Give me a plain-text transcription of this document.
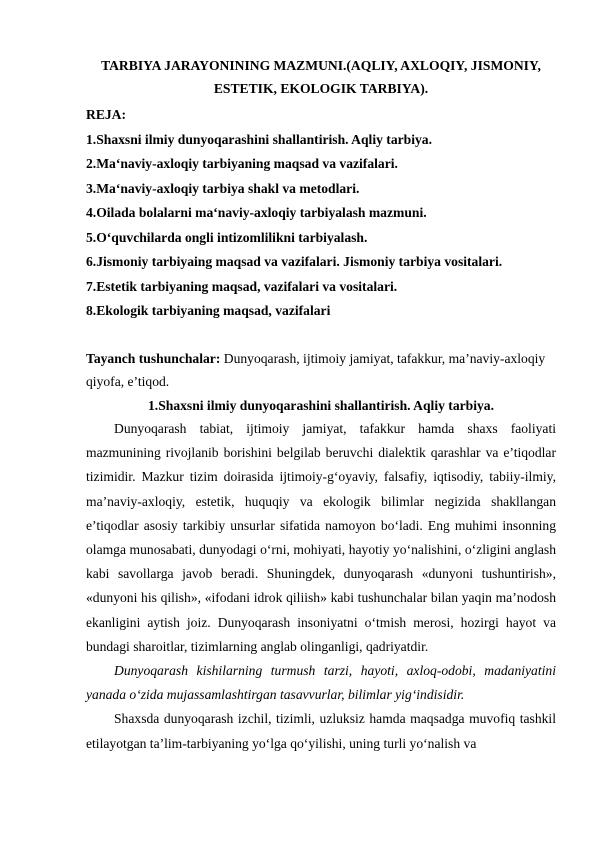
TARBIYA JARAYONINING MAZMUNI.(AQLIY, AXLOQIY, JISMONIY, ESTETIK, EKOLOGIK TARBIYA).
REJA:
1.Shaxsni ilmiy dunyoqarashini shallantirish. Aqliy tarbiya.
2.Ma‘naviy-axloqiy tarbiyaning maqsad va vazifalari.
3.Ma‘naviy-axloqiy tarbiya shakl va metodlari.
4.Oilada bolalarni ma‘naviy-axloqiy tarbiyalash mazmuni.
5.O‘quvchilarda ongli intizomlilikni tarbiyalash.
6.Jismoniy tarbiyaing maqsad va vazifalari. Jismoniy tarbiya vositalari.
7.Estetik tarbiyaning maqsad, vazifalari va vositalari.
8.Ekologik tarbiyaning maqsad, vazifalari

Tayanch tushunchalar: Dunyoqarash, ijtimoiy jamiyat, tafakkur, ma’naviy-axloqiy qiyofa, e’tiqod.

1.Shaxsni ilmiy dunyoqarashini shallantirish. Aqliy tarbiya.

Dunyoqarash tabiat, ijtimoiy jamiyat, tafakkur hamda shaxs faoliyati mazmunining rivojlanib borishini belgilab beruvchi dialektik qarashlar va e’tiqodlar tizimidir. Mazkur tizim doirasida ijtimoiy-g‘oyaviy, falsafiy, iqtisodiy, tabiiy-ilmiy, ma’naviy-axloqiy, estetik, huquqiy va ekologik bilimlar negizida shakllangan e’tiqodlar asosiy tarkibiy unsurlar sifatida namoyon bo‘ladi. Eng muhimi insonning olamga munosabati, dunyodagi o‘rni, mohiyati, hayotiy yo‘nalishini, o‘zligini anglash kabi savollarga javob beradi. Shuningdek, dunyoqarash «dunyoni tushuntirish», «dunyoni his qilish», «ifodani idrok qiliish» kabi tushunchalar bilan yaqin ma’nodosh ekanligini aytish joiz. Dunyoqarash insoniyatni o‘tmish merosi, hozirgi hayot va bundagi sharoitlar, tizimlarning anglab olinganligi, qadriyatdir.

Dunyoqarash kishilarning turmush tarzi, hayoti, axloq-odobi, madaniyatini yanada o‘zida mujassamlashtirgan tasavvurlar, bilimlar yig‘indisidir.

Shaxsda dunyoqarash izchil, tizimli, uzluksiz hamda maqsadga muvofiq tashkil etilayotgan ta’lim-tarbiyaning yo‘lga qo‘yilishi, uning turli yo‘nalish va
